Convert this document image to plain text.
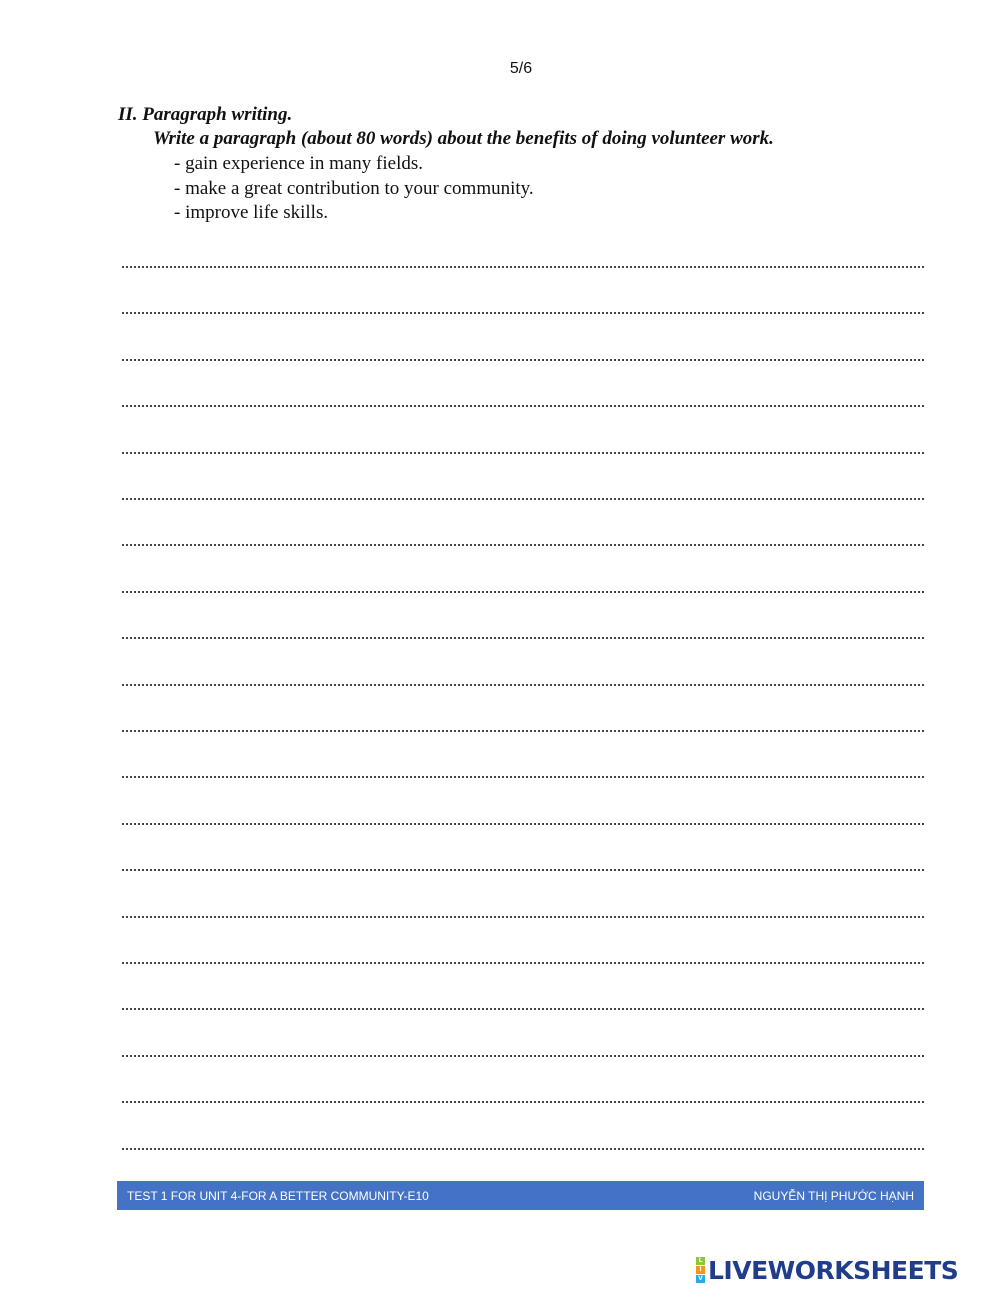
5/6
II. Paragraph writing.

Write a paragraph (about 80 words) about the benefits of doing volunteer work.

- gain experience in many fields.
- make a great contribution to your community.
- improve life skills.
TEST 1 FOR UNIT 4-FOR A BETTER COMMUNITY-E10	NGUYỄN THỊ PHƯỚC HẠNH
L
I
V LIVEWORKSHEETS
